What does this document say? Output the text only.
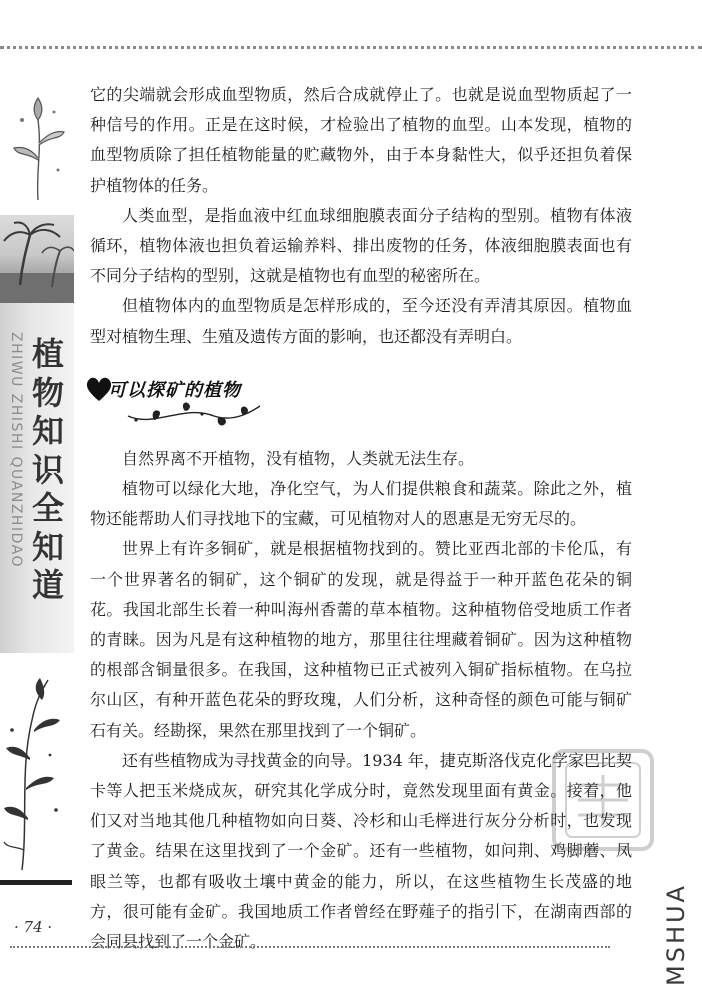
ZHIWU ZHISHI QUANZHIDAO 植
物
知
识
全
知
道

它的尖端就会形成血型物质，然后合成就停止了。也就是说血型物质起了一种信号的作用。正是在这时候，才检验出了植物的血型。山本发现，植物的血型物质除了担任植物能量的贮藏物外，由于本身黏性大，似乎还担负着保护植物体的任务。

人类血型，是指血液中红血球细胞膜表面分子结构的型别。植物有体液循环，植物体液也担负着运输养料、排出废物的任务，体液细胞膜表面也有不同分子结构的型别，这就是植物也有血型的秘密所在。

但植物体内的血型物质是怎样形成的，至今还没有弄清其原因。植物血型对植物生理、生殖及遗传方面的影响，也还都没有弄明白。

可以探矿的植物

自然界离不开植物，没有植物，人类就无法生存。

植物可以绿化大地，净化空气，为人们提供粮食和蔬菜。除此之外，植物还能帮助人们寻找地下的宝藏，可见植物对人的恩惠是无穷无尽的。

世界上有许多铜矿，就是根据植物找到的。赞比亚西北部的卡伦瓜，有一个世界著名的铜矿，这个铜矿的发现，就是得益于一种开蓝色花朵的铜花。我国北部生长着一种叫海州香薷的草本植物。这种植物倍受地质工作者的青睐。因为凡是有这种植物的地方，那里往往埋藏着铜矿。因为这种植物的根部含铜量很多。在我国，这种植物已正式被列入铜矿指标植物。在乌拉尔山区，有种开蓝色花朵的野玫瑰，人们分析，这种奇怪的颜色可能与铜矿石有关。经勘探，果然在那里找到了一个铜矿。

还有些植物成为寻找黄金的向导。1934 年，捷克斯洛伐克化学家巴比契卡等人把玉米烧成灰，研究其化学成分时，竟然发现里面有黄金。接着，他们又对当地其他几种植物如向日葵、冷杉和山毛榉进行灰分分析时，也发现了黄金。结果在这里找到了一个金矿。还有一些植物，如问荆、鸡脚蘑、凤眼兰等，也都有吸收土壤中黄金的能力，所以，在这些植物生长茂盛的地方，很可能有金矿。我国地质工作者曾经在野薤子的指引下，在湖南西部的会同县找到了一个金矿。

· 74 ·	MSHUA
